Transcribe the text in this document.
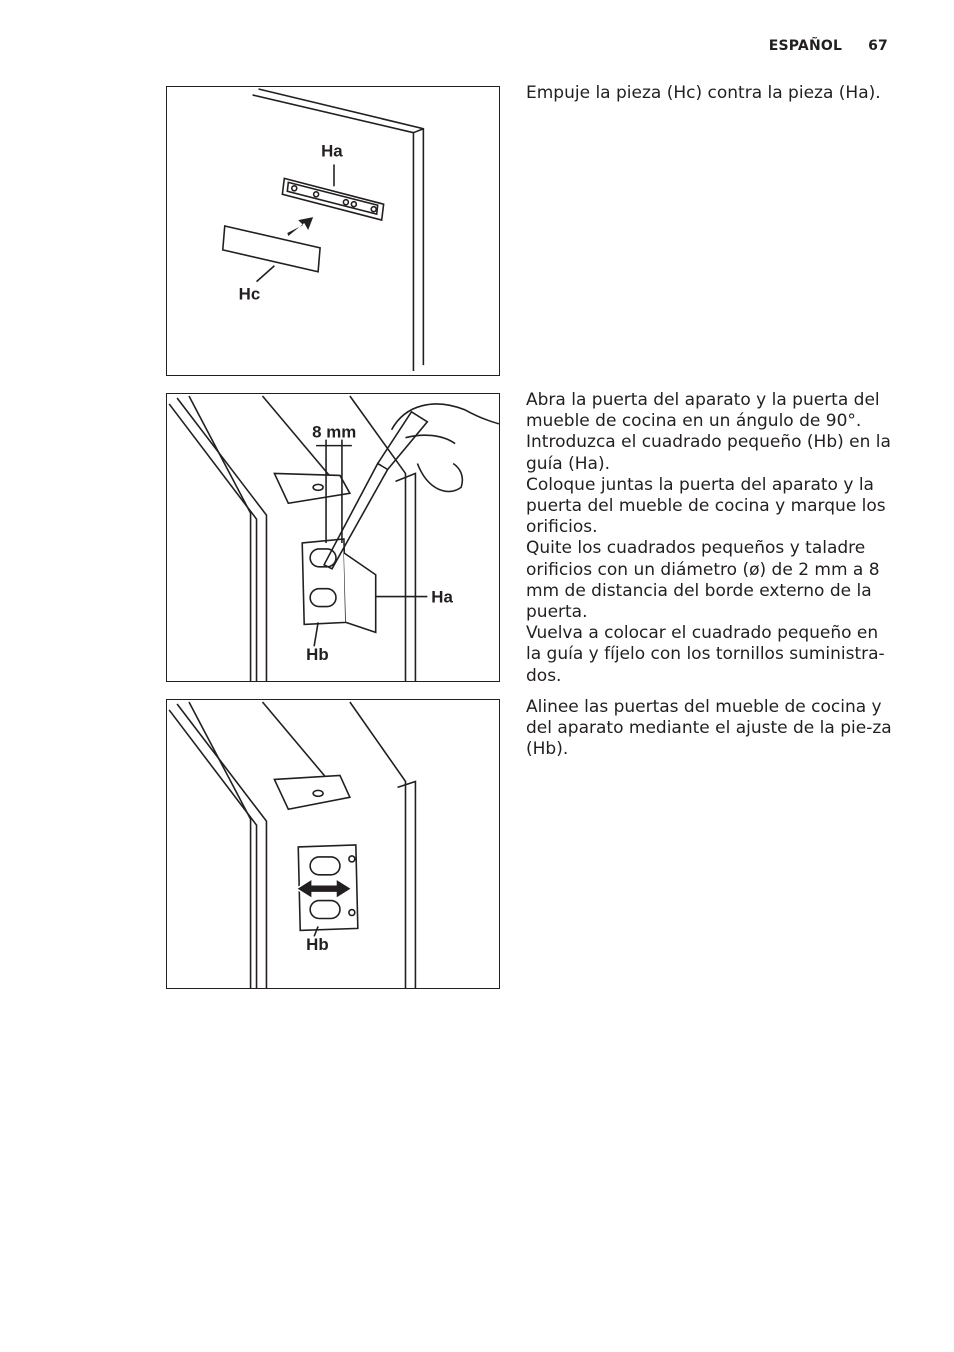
ESPAÑOL 67
Ha
Hc
8 mm
Ha
Hb
Hb

Empuje la pieza (Hc) contra la pieza (Ha).

Abra la puerta del aparato y la puerta del mueble de cocina en un ángulo de 90°. Introduzca el cuadrado pequeño (Hb) en la guía (Ha).

Coloque juntas la puerta del aparato y la puerta del mueble de cocina y marque los orificios.

Quite los cuadrados pequeños y taladre orificios con un diámetro (ø) de 2 mm a 8 mm de distancia del borde externo de la puerta.

Vuelva a colocar el cuadrado pequeño en la guía y fíjelo con los tornillos suministra-dos.

Alinee las puertas del mueble de cocina y del aparato mediante el ajuste de la pie-za (Hb).
